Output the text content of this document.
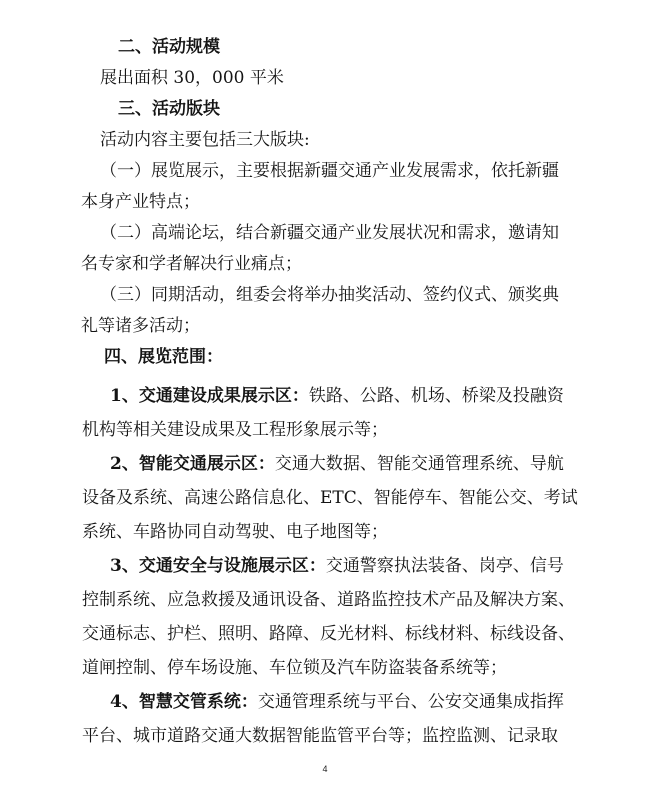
二、活动规模
展出面积 30，000 平米
三、活动版块
活动内容主要包括三大版块:
（一）展览展示，主要根据新疆交通产业发展需求，依托新疆
本身产业特点；
（二）高端论坛，结合新疆交通产业发展状况和需求，邀请知
名专家和学者解决行业痛点；
（三）同期活动，组委会将举办抽奖活动、签约仪式、颁奖典
礼等诸多活动；
四、展览范围：
1、交通建设成果展示区：铁路、公路、机场、桥梁及投融资
机构等相关建设成果及工程形象展示等；
2、智能交通展示区：交通大数据、智能交通管理系统、导航
设备及系统、高速公路信息化、ETC、智能停车、智能公交、考试
系统、车路协同自动驾驶、电子地图等；
3、交通安全与设施展示区：交通警察执法装备、岗亭、信号
控制系统、应急救援及通讯设备、道路监控技术产品及解决方案、
交通标志、护栏、照明、路障、反光材料、标线材料、标线设备、
道闸控制、停车场设施、车位锁及汽车防盗装备系统等；
4、智慧交管系统：交通管理系统与平台、公安交通集成指挥
平台、城市道路交通大数据智能监管平台等；监控监测、记录取
4
